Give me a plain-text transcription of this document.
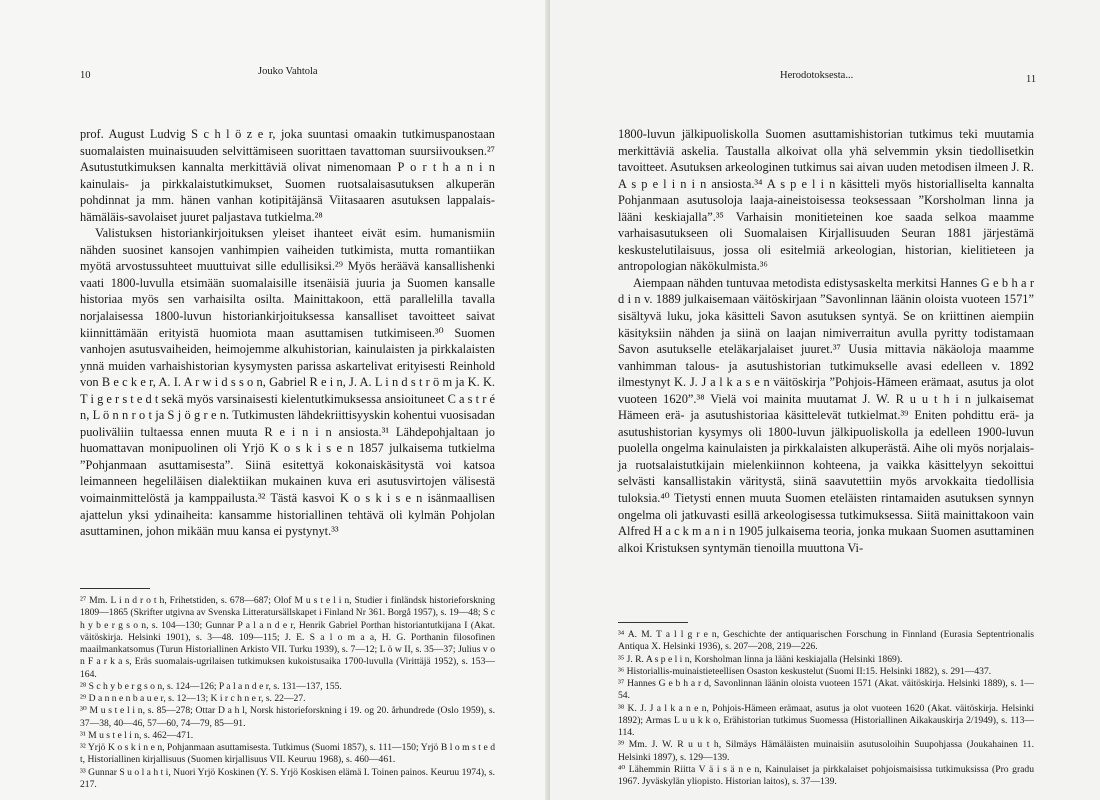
10	Jouko Vahtola

prof. August Ludvig S c h l ö z e r, joka suuntasi omaakin tutkimuspanostaan suomalaisten muinaisuuden selvittämiseen suorittaen tavattoman suursiivouksen.²⁷ Asutustutkimuksen kannalta merkittäviä olivat nimenomaan P o r t h a n i n kainulais- ja pirkkalaistutkimukset, Suomen ruotsalaisasutuksen alkuperän pohdinnat ja mm. hänen vanhan kotipitäjänsä Viitasaaren asutuksen lappalais-hämäläis-savolaiset juuret paljastava tutkielma.²⁸

Valistuksen historiankirjoituksen yleiset ihanteet eivät esim. humanismiin nähden suosinet kansojen vanhimpien vaiheiden tutkimista, mutta romantiikan myötä arvostussuhteet muuttuivat sille edullisiksi.²⁹ Myös heräävä kansallishenki vaati 1800-luvulla etsimään suomalaisille itsenäisiä juuria ja Suomen kansalle historiaa myös sen varhaisilta osilta. Mainittakoon, että parallelilla tavalla norjalaisessa 1800-luvun historiankirjoituksessa kansalliset tavoitteet saivat kiinnittämään erityistä huomiota maan asuttamisen tutkimiseen.³⁰ Suomen vanhojen asutusvaiheiden, heimojemme alkuhistorian, kainulaisten ja pirkkalaisten ynnä muiden varhaishistorian kysymysten parissa askartelivat erityisesti Reinhold von B e c k e r, A. I. A r w i d s s o n, Gabriel R e i n, J. A. L i n d s t r ö m ja K. K. T i g e r s t e d t sekä myös varsinaisesti kielentutkimuksessa ansioituneet C a s t r é n, L ö n n r o t ja S j ö g r e n. Tutkimusten lähdekriittisyyskin kohentui vuosisadan puoliväliin tultaessa ennen muuta R e i n i n ansiosta.³¹ Lähdepohjaltaan jo huomattavan monipuolinen oli Yrjö K o s k i s e n 1857 julkaisema tutkielma ”Pohjanmaan asuttamisesta”. Siinä esitettyä kokonaiskäsitystä voi katsoa leimanneen hegeliläisen dialektiikan mukainen kuva eri asutusvirtojen välisestä voimainmittelöstä ja kamppailusta.³² Tästä kasvoi K o s k i s e n isänmaallisen ajattelun yksi ydinaiheita: kansamme historiallinen tehtävä oli kylmän Pohjolan asuttaminen, johon mikään muu kansa ei pystynyt.³³

²⁷ Mm. L i n d r o t h, Frihetstiden, s. 678—687; Olof M u s t e l i n, Studier i finländsk historieforskning 1809—1865 (Skrifter utgivna av Svenska Litteratursällskapet i Finland Nr 361. Borgå 1957), s. 19—48; S c h y b e r g s o n, s. 104—130; Gunnar P a l a n d e r, Henrik Gabriel Porthan historiantutkijana I (Akat. väitöskirja. Helsinki 1901), s. 3—48. 109—115; J. E. S a l o m a a, H. G. Porthanin filosofinen maailmankatsomus (Turun Historiallinen Arkisto VII. Turku 1939), s. 7—12; L ö w II, s. 35—37; Julius v o n F a r k a s, Eräs suomalais-ugrilaisen tutkimuksen kukoistusaika 1700-luvulla (Virittäjä 1952), s. 153—164.

²⁸ S c h y b e r g s o n, s. 124—126; P a l a n d e r, s. 131—137, 155.

²⁹ D a n n e n b a u e r, s. 12—13; K i r c h n e r, s. 22—27.

³⁰ M u s t e l i n, s. 85—278; Ottar D a h l, Norsk historieforskning i 19. og 20. århundrede (Oslo 1959), s. 37—38, 40—46, 57—60, 74—79, 85—91.

³¹ M u s t e l i n, s. 462—471.

³² Yrjö K o s k i n e n, Pohjanmaan asuttamisesta. Tutkimus (Suomi 1857), s. 111—150; Yrjö B l o m s t e d t, Historiallinen kirjallisuus (Suomen kirjallisuus VII. Keuruu 1968), s. 460—461.

³³ Gunnar S u o l a h t i, Nuori Yrjö Koskinen (Y. S. Yrjö Koskisen elämä I. Toinen painos. Keuruu 1974), s. 217.

Herodotoksesta...	11

1800-luvun jälkipuoliskolla Suomen asuttamishistorian tutkimus teki muutamia merkittäviä askelia. Taustalla alkoivat olla yhä selvemmin yksin tiedollisetkin tavoitteet. Asutuksen arkeologinen tutkimus sai aivan uuden metodisen ilmeen J. R. A s p e l i n i n ansiosta.³⁴ A s p e l i n käsitteli myös historialliselta kannalta Pohjanmaan asutusoloja laaja-aineistoisessa teoksessaan ”Korsholman linna ja lääni keskiajalla”.³⁵ Varhaisin monitieteinen koe saada selkoa maamme varhaisasutukseen oli Suomalaisen Kirjallisuuden Seuran 1881 järjestämä keskustelutilaisuus, jossa oli esitelmiä arkeologian, historian, kielitieteen ja antropologian näkökulmista.³⁶

Aiempaan nähden tuntuvaa metodista edistysaskelta merkitsi Hannes G e b h a r d i n v. 1889 julkaisemaan väitöskirjaan ”Savonlinnan läänin oloista vuoteen 1571” sisältyvä luku, joka käsitteli Savon asutuksen syntyä. Se on kriittinen aiempiin käsityksiin nähden ja siinä on laajan nimiverraitun avulla pyritty todistamaan Savon asutukselle eteläkarjalaiset juuret.³⁷ Uusia mittavia näkäoloja maamme vanhimman talous- ja asutushistorian tutkimukselle avasi edelleen v. 1892 ilmestynyt K. J. J a l k a s e n väitöskirja ”Pohjois-Hämeen erämaat, asutus ja olot vuoteen 1620”.³⁸ Vielä voi mainita muutamat J. W. R u u t h i n julkaisemat Hämeen erä- ja asutushistoriaa käsittelevät tutkielmat.³⁹ Eniten pohdittu erä- ja asutushistorian kysymys oli 1800-luvun jälkipuoliskolla ja edelleen 1900-luvun puolella ongelma kainulaisten ja pirkkalaisten alkuperästä. Aihe oli myös norjalais- ja ruotsalaistutkijain mielenkiinnon kohteena, ja vaikka käsittelyyn sekoittui selvästi kansallistakin väritystä, siinä saavutettiin myös arvokkaita tiedollisia tuloksia.⁴⁰ Tietysti ennen muuta Suomen eteläisten rintamaiden asutuksen synnyn ongelma oli jatkuvasti esillä arkeologisessa tutkimuksessa. Siitä mainittakoon vain Alfred H a c k m a n i n 1905 julkaisema teoria, jonka mukaan Suomen asuttaminen alkoi Kristuksen syntymän tienoilla muuttona Vi-

³⁴ A. M. T a l l g r e n, Geschichte der antiquarischen Forschung in Finnland (Eurasia Septentrionalis Antiqua X. Helsinki 1936), s. 207—208, 219—226.

³⁵ J. R. A s p e l i n, Korsholman linna ja lääni keskiajalla (Helsinki 1869).

³⁶ Historiallis-muinaistieteellisen Osaston keskustelut (Suomi II:15. Helsinki 1882), s. 291—437.

³⁷ Hannes G e b h a r d, Savonlinnan läänin oloista vuoteen 1571 (Akat. väitöskirja. Helsinki 1889), s. 1—54.

³⁸ K. J. J a l k a n e n, Pohjois-Hämeen erämaat, asutus ja olot vuoteen 1620 (Akat. väitöskirja. Helsinki 1892); Armas L u u k k o, Erähistorian tutkimus Suomessa (Historiallinen Aikakauskirja 2/1949), s. 113—114.

³⁹ Mm. J. W. R u u t h, Silmäys Hämäläisten muinaisiin asutusoloihin Suupohjassa (Joukahainen 11. Helsinki 1897), s. 129—139.

⁴⁰ Lähemmin Riitta V ä i s ä n e n, Kainulaiset ja pirkkalaiset pohjoismaisissa tutkimuksissa (Pro gradu 1967. Jyväskylän yliopisto. Historian laitos), s. 37—139.
